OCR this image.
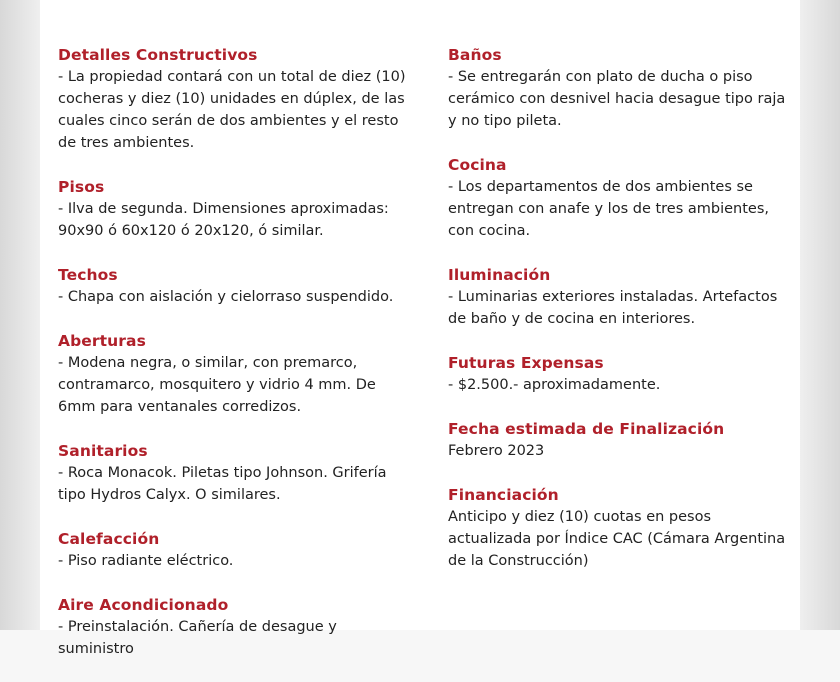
Detalles Constructivos
- La propiedad contará con un total de diez (10) cocheras y diez (10) unidades en dúplex, de las cuales cinco serán de dos ambientes y el resto de tres ambientes.
Pisos
- Ilva de segunda. Dimensiones aproximadas: 90x90 ó 60x120 ó 20x120, ó similar.
Techos
- Chapa con aislación y cielorraso suspendido.
Aberturas
- Modena negra, o similar, con premarco, contramarco, mosquitero y vidrio 4 mm. De 6mm para ventanales corredizos.
Sanitarios
- Roca Monacok. Piletas tipo Johnson. Grifería tipo Hydros Calyx. O similares.
Calefacción
- Piso radiante eléctrico.
Aire Acondicionado
- Preinstalación. Cañería de desague y suministro
Baños
- Se entregarán con plato de ducha o piso cerámico con desnivel hacia desague tipo raja y no tipo pileta.
Cocina
- Los departamentos de dos ambientes se entregan con anafe y los de tres ambientes, con cocina.
Iluminación
- Luminarias exteriores instaladas. Artefactos de baño y de cocina en interiores.
Futuras Expensas
- $2.500.- aproximadamente.
Fecha estimada de Finalización
Febrero 2023
Financiación
Anticipo y diez (10) cuotas en pesos actualizada por Índice CAC (Cámara Argentina de la Construcción)
